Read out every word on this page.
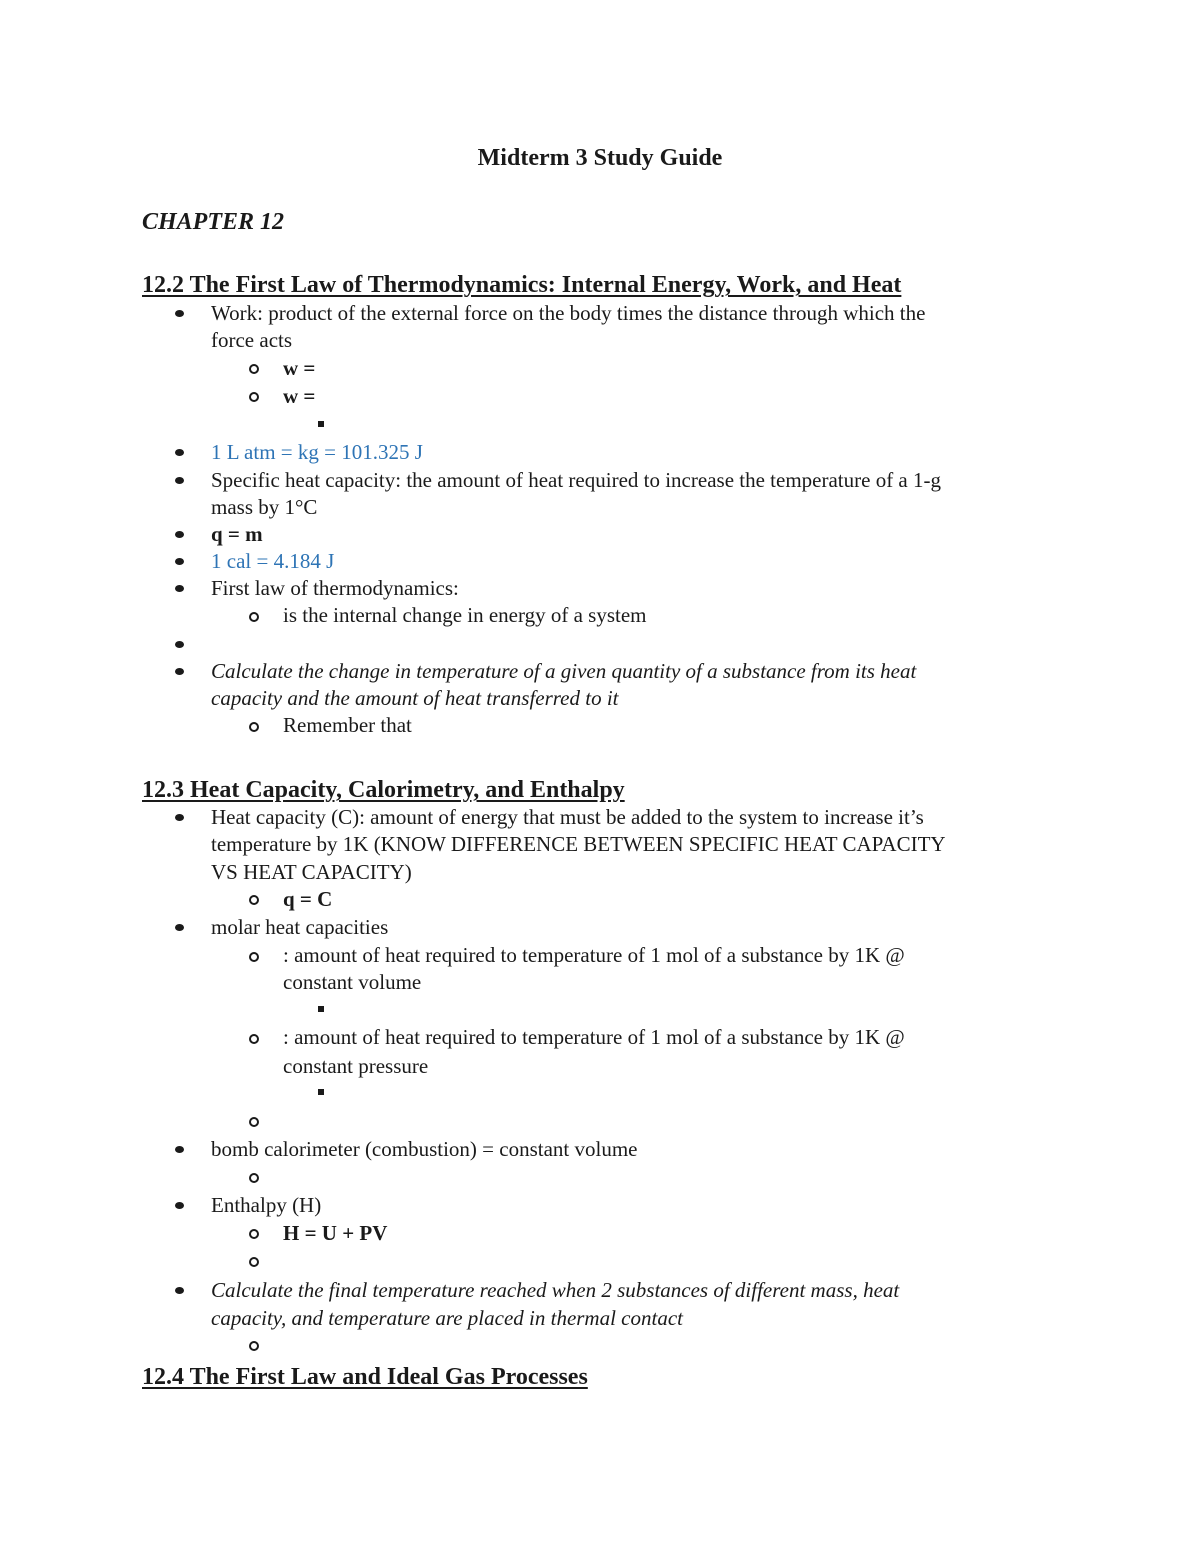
Midterm 3 Study Guide
CHAPTER 12
12.2 The First Law of Thermodynamics: Internal Energy, Work, and Heat
Work: product of the external force on the body times the distance through which the
force acts
w =
w =
1 L atm = kg = 101.325 J
Specific heat capacity: the amount of heat required to increase the temperature of a 1-g
mass by 1°C
q = m
1 cal = 4.184 J
First law of thermodynamics:
is the internal change in energy of a system
Calculate the change in temperature of a given quantity of a substance from its heat
capacity and the amount of heat transferred to it
Remember that
12.3 Heat Capacity, Calorimetry, and Enthalpy
Heat capacity (C): amount of energy that must be added to the system to increase it’s
temperature by 1K (KNOW DIFFERENCE BETWEEN SPECIFIC HEAT CAPACITY
VS HEAT CAPACITY)
q = C
molar heat capacities
: amount of heat required to temperature of 1 mol of a substance by 1K @
constant volume
: amount of heat required to temperature of 1 mol of a substance by 1K @
constant pressure
bomb calorimeter (combustion) = constant volume
Enthalpy (H)
H = U + PV
Calculate the final temperature reached when 2 substances of different mass, heat
capacity, and temperature are placed in thermal contact
12.4 The First Law and Ideal Gas Processes
